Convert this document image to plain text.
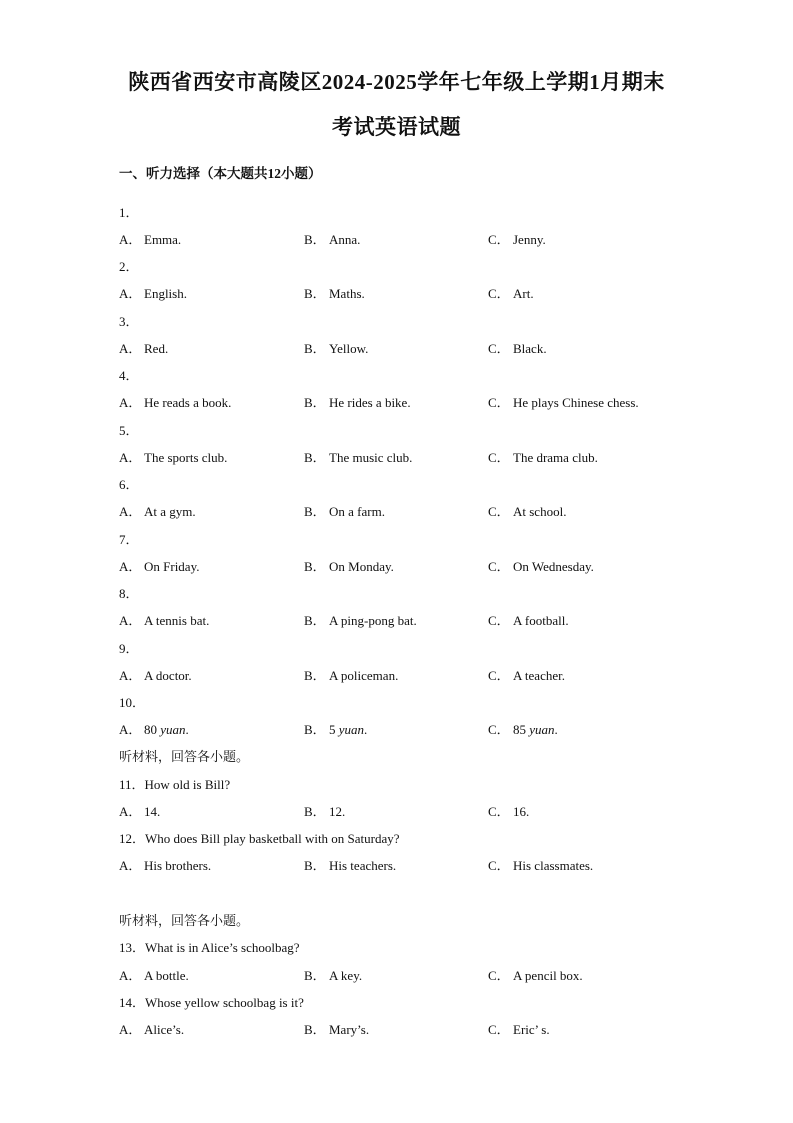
陕西省西安市高陵区2024-2025学年七年级上学期1月期末
考试英语试题
一、听力选择（本大题共12小题）
1．
A． Emma.	B． Anna.	C． Jenny.
2．
A． English.	B． Maths.	C． Art.
3．
A． Red.	B． Yellow.	C． Black.
4．
A． He reads a book.	B． He rides a bike.	C． He plays Chinese chess.
5．
A． The sports club.	B． The music club.	C． The drama club.
6．
A． At a gym.	B． On a farm.	C． At school.
7．
A． On Friday.	B． On Monday.	C． On Wednesday.
8．
A． A tennis bat.	B． A ping-pong bat.	C． A football.
9．
A． A doctor.	B． A policeman.	C． A teacher.
10．
A． 80 yuan.	B． 5 yuan.	C． 85 yuan.
听材料，回答各小题。
11．How old is Bill?
A． 14.	B． 12.	C． 16.
12．Who does Bill play basketball with on Saturday?
A． His brothers.	B． His teachers.	C． His classmates.
听材料，回答各小题。
13．What is in Alice’s schoolbag?
A． A bottle.	B． A key.	C． A pencil box.
14．Whose yellow schoolbag is it?
A． Alice’s.	B． Mary’s.	C． Eric’ s.
